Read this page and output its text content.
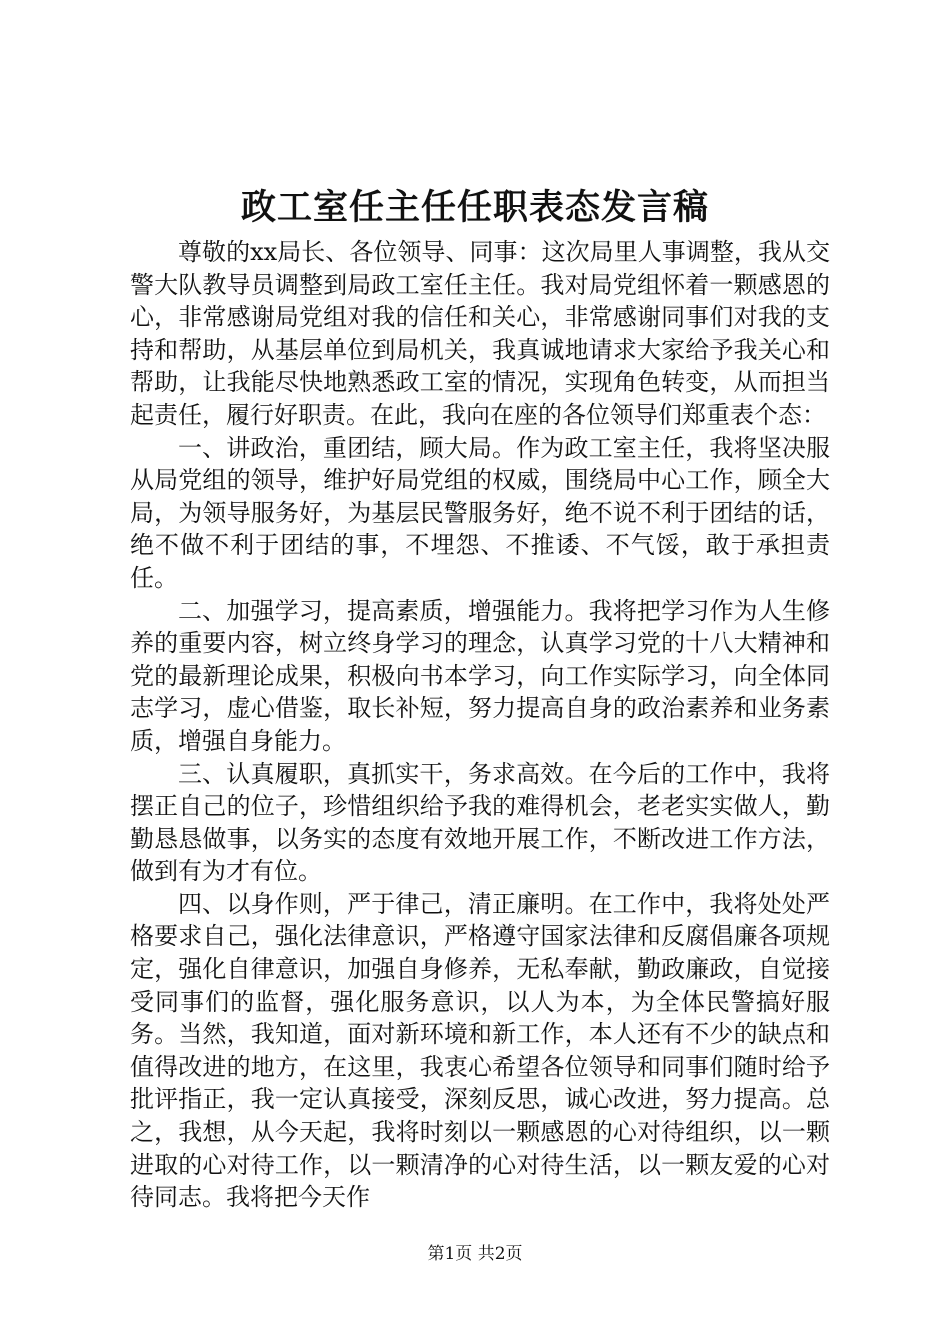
政工室任主任任职表态发言稿

尊敬的xx局长、各位领导、同事：这次局里人事调整，我从交警大队教导员调整到局政工室任主任。我对局党组怀着一颗感恩的心，非常感谢局党组对我的信任和关心，非常感谢同事们对我的支持和帮助，从基层单位到局机关，我真诚地请求大家给予我关心和帮助，让我能尽快地熟悉政工室的情况，实现角色转变，从而担当起责任，履行好职责。在此，我向在座的各位领导们郑重表个态：

一、讲政治，重团结，顾大局。作为政工室主任，我将坚决服从局党组的领导，维护好局党组的权威，围绕局中心工作，顾全大局，为领导服务好，为基层民警服务好，绝不说不利于团结的话，绝不做不利于团结的事，不埋怨、不推诿、不气馁，敢于承担责任。

二、加强学习，提高素质，增强能力。我将把学习作为人生修养的重要内容，树立终身学习的理念，认真学习党的十八大精神和党的最新理论成果，积极向书本学习，向工作实际学习，向全体同志学习，虚心借鉴，取长补短，努力提高自身的政治素养和业务素质，增强自身能力。

三、认真履职，真抓实干，务求高效。在今后的工作中，我将摆正自己的位子，珍惜组织给予我的难得机会，老老实实做人，勤勤恳恳做事，以务实的态度有效地开展工作，不断改进工作方法，做到有为才有位。

四、以身作则，严于律己，清正廉明。在工作中，我将处处严格要求自己，强化法律意识，严格遵守国家法律和反腐倡廉各项规定，强化自律意识，加强自身修养，无私奉献，勤政廉政，自觉接受同事们的监督，强化服务意识，以人为本，为全体民警搞好服务。当然，我知道，面对新环境和新工作，本人还有不少的缺点和值得改进的地方，在这里，我衷心希望各位领导和同事们随时给予批评指正，我一定认真接受，深刻反思，诚心改进，努力提高。总之，我想，从今天起，我将时刻以一颗感恩的心对待组织，以一颗进取的心对待工作，以一颗清净的心对待生活，以一颗友爱的心对待同志。我将把今天作

第1页 共2页
